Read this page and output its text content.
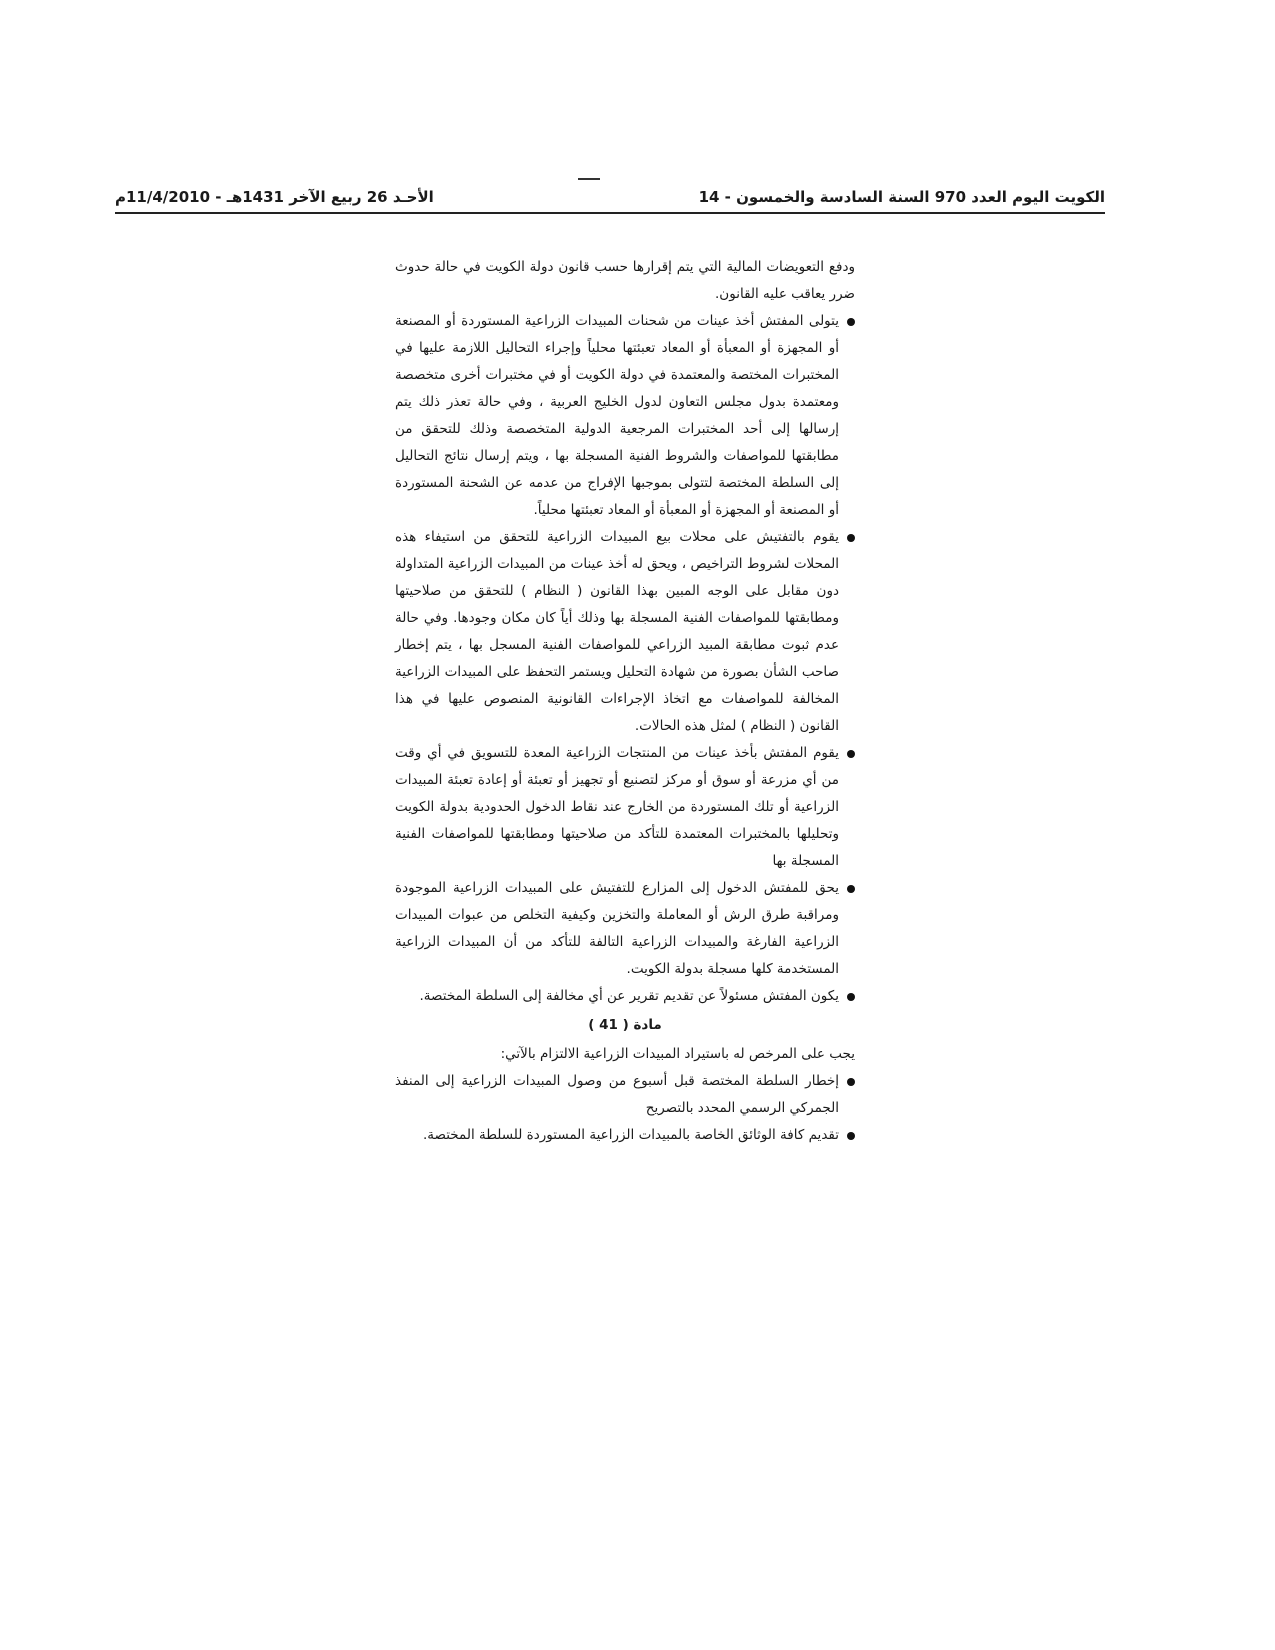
الكويت اليوم العدد 970 السنة السادسة والخمسون - 14
الأحـد 26 ربيع الآخر 1431هـ - 11/4/2010م

ودفع التعويضات المالية التي يتم إقرارها حسب قانون دولة الكويت في حالة حدوث ضرر يعاقب عليه القانون.

يتولى المفتش أخذ عينات من شحنات المبيدات الزراعية المستوردة أو المصنعة أو المجهزة أو المعبأة أو المعاد تعبئتها محلياً وإجراء التحاليل اللازمة عليها في المختبرات المختصة والمعتمدة في دولة الكويت أو في مختبرات أخرى متخصصة ومعتمدة بدول مجلس التعاون لدول الخليج العربية ، وفي حالة تعذر ذلك يتم إرسالها إلى أحد المختبرات المرجعية الدولية المتخصصة وذلك للتحقق من مطابقتها للمواصفات والشروط الفنية المسجلة بها ، ويتم إرسال نتائج التحاليل إلى السلطة المختصة لتتولى بموجبها الإفراج من عدمه عن الشحنة المستوردة أو المصنعة أو المجهزة أو المعبأة أو المعاد تعبئتها محلياً.
يقوم بالتفتيش على محلات بيع المبيدات الزراعية للتحقق من استيفاء هذه المحلات لشروط التراخيص ، ويحق له أخذ عينات من المبيدات الزراعية المتداولة دون مقابل على الوجه المبين بهذا القانون ( النظام ) للتحقق من صلاحيتها ومطابقتها للمواصفات الفنية المسجلة بها وذلك أياً كان مكان وجودها. وفي حالة عدم ثبوت مطابقة المبيد الزراعي للمواصفات الفنية المسجل بها ، يتم إخطار صاحب الشأن بصورة من شهادة التحليل ويستمر التحفظ على المبيدات الزراعية المخالفة للمواصفات مع اتخاذ الإجراءات القانونية المنصوص عليها في هذا القانون ( النظام ) لمثل هذه الحالات.
يقوم المفتش بأخذ عينات من المنتجات الزراعية المعدة للتسويق في أي وقت من أي مزرعة أو سوق أو مركز لتصنيع أو تجهيز أو تعبئة أو إعادة تعبئة المبيدات الزراعية أو تلك المستوردة من الخارج عند نقاط الدخول الحدودية بدولة الكويت وتحليلها بالمختبرات المعتمدة للتأكد من صلاحيتها ومطابقتها للمواصفات الفنية المسجلة بها
يحق للمفتش الدخول إلى المزارع للتفتيش على المبيدات الزراعية الموجودة ومراقبة طرق الرش أو المعاملة والتخزين وكيفية التخلص من عبوات المبيدات الزراعية الفارغة والمبيدات الزراعية التالفة للتأكد من أن المبيدات الزراعية المستخدمة كلها مسجلة بدولة الكويت.
يكون المفتش مسئولاً عن تقديم تقرير عن أي مخالفة إلى السلطة المختصة.
مادة ( 41 )

يجب على المرخص له باستيراد المبيدات الزراعية الالتزام بالآتي:

إخطار السلطة المختصة قبل أسبوع من وصول المبيدات الزراعية إلى المنفذ الجمركي الرسمي المحدد بالتصريح
تقديم كافة الوثائق الخاصة بالمبيدات الزراعية المستوردة للسلطة المختصة.
